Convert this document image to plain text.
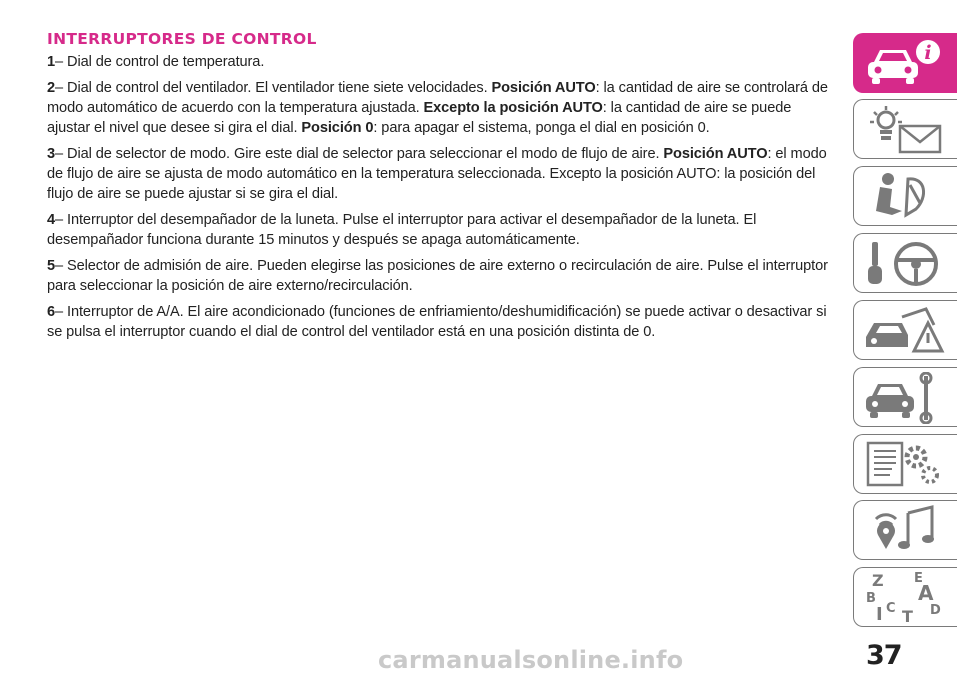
INTERRUPTORES DE CONTROL

1– Dial de control de temperatura.

2– Dial de control del ventilador. El ventilador tiene siete velocidades. Posición AUTO: la cantidad de aire se controlará de modo automático de acuerdo con la temperatura ajustada. Excepto la posición AUTO: la cantidad de aire se puede ajustar el nivel que desee si gira el dial. Posición 0: para apagar el sistema, ponga el dial en posición 0.

3– Dial de selector de modo. Gire este dial de selector para seleccionar el modo de flujo de aire. Posición AUTO: el modo de flujo de aire se ajusta de modo automático en la temperatura seleccionada. Excepto la posición AUTO: la posición del flujo de aire se puede ajustar si se gira el dial.

4– Interruptor del desempañador de la luneta. Pulse el interruptor para activar el desempañador de la luneta. El desempañador funciona durante 15 minutos y después se apaga automáticamente.

5– Selector de admisión de aire. Pueden elegirse las posiciones de aire externo o recirculación de aire. Pulse el interruptor para seleccionar la posición de aire externo/recirculación.

6– Interruptor de A/A. El aire acondicionado (funciones de enfriamiento/deshumidificación) se puede activar o desactivar si se pulsa el interruptor cuando el dial de control del ventilador está en una posición distinta de 0.

i
Z E
B A
C	D
T
I
37
carmanualsonline.info
